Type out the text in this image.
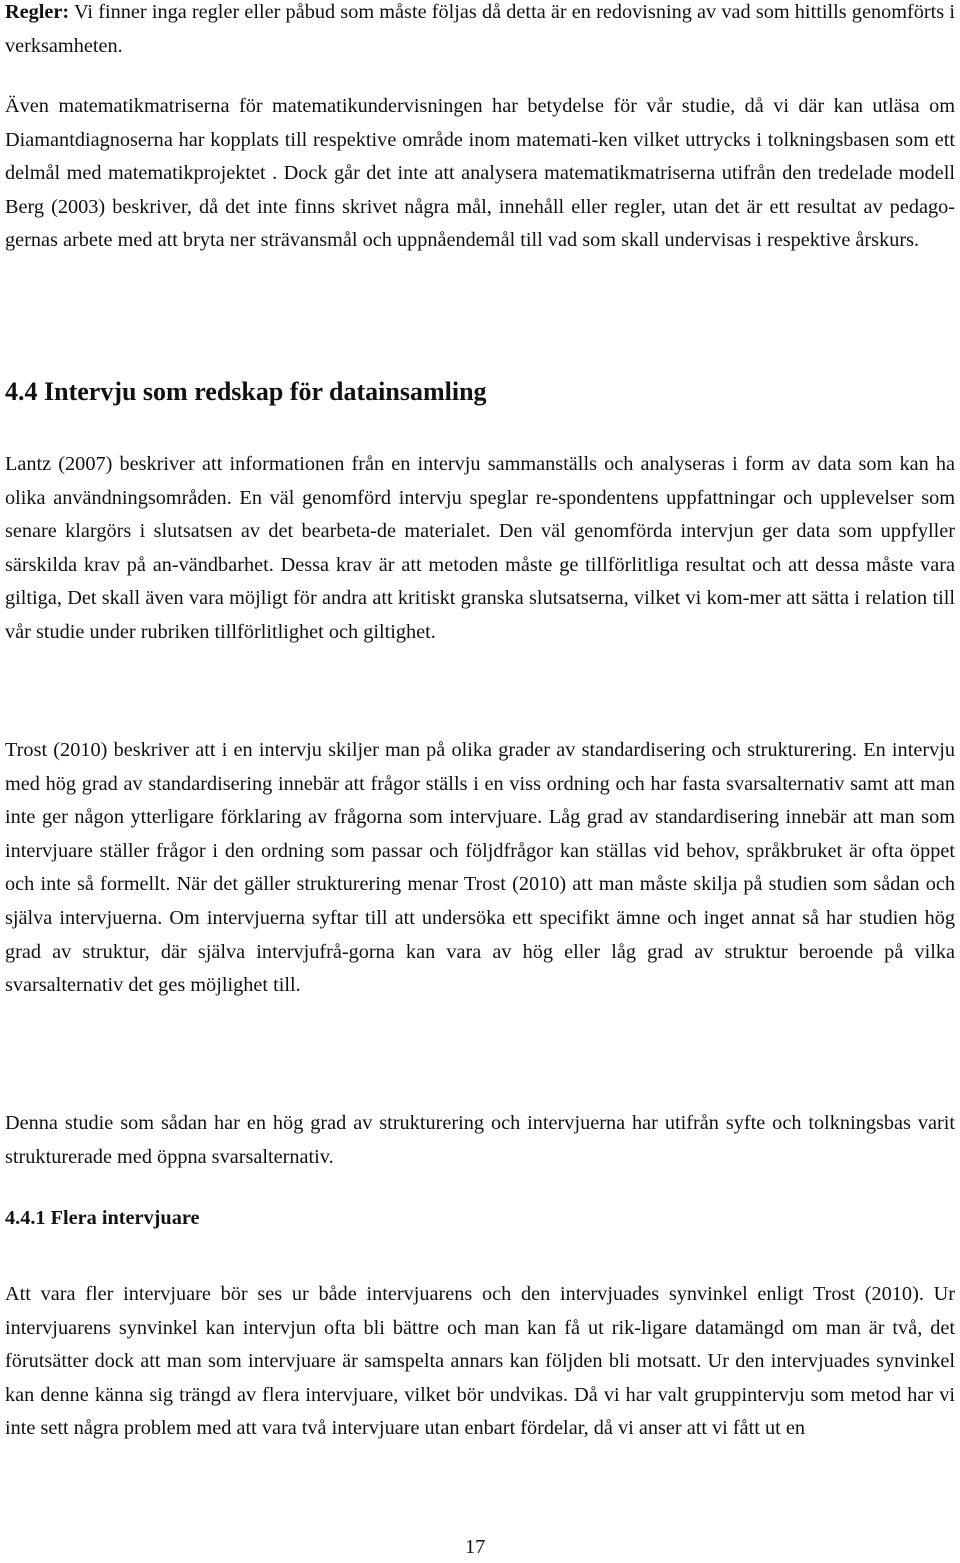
Regler: Vi finner inga regler eller påbud som måste följas då detta är en redovisning av vad som hittills genomförts i verksamheten.

Även matematikmatriserna för matematikundervisningen har betydelse för vår studie, då vi där kan utläsa om Diamantdiagnoserna har kopplats till respektive område inom matemati-ken vilket uttrycks i tolkningsbasen som ett delmål med matematikprojektet . Dock går det inte att analysera matematikmatriserna utifrån den tredelade modell Berg (2003) beskriver, då det inte finns skrivet några mål, innehåll eller regler, utan det är ett resultat av pedago-gernas arbete med att bryta ner strävansmål och uppnåendemål till vad som skall undervisas i respektive årskurs.

4.4 Intervju som redskap för datainsamling

Lantz (2007) beskriver att informationen från en intervju sammanställs och analyseras i form av data som kan ha olika användningsområden. En väl genomförd intervju speglar re-spondentens uppfattningar och upplevelser som senare klargörs i slutsatsen av det bearbeta-de materialet. Den väl genomförda intervjun ger data som uppfyller särskilda krav på an-vändbarhet. Dessa krav är att metoden måste ge tillförlitliga resultat och att dessa måste vara giltiga, Det skall även vara möjligt för andra att kritiskt granska slutsatserna, vilket vi kom-mer att sätta i relation till vår studie under rubriken tillförlitlighet och giltighet.

Trost (2010) beskriver att i en intervju skiljer man på olika grader av standardisering och strukturering. En intervju med hög grad av standardisering innebär att frågor ställs i en viss ordning och har fasta svarsalternativ samt att man inte ger någon ytterligare förklaring av frågorna som intervjuare. Låg grad av standardisering innebär att man som intervjuare ställer frågor i den ordning som passar och följdfrågor kan ställas vid behov, språkbruket är ofta öppet och inte så formellt. När det gäller strukturering menar Trost (2010) att man måste skilja på studien som sådan och själva intervjuerna. Om intervjuerna syftar till att undersöka ett specifikt ämne och inget annat så har studien hög grad av struktur, där själva intervjufrå-gorna kan vara av hög eller låg grad av struktur beroende på vilka svarsalternativ det ges möjlighet till.

Denna studie som sådan har en hög grad av strukturering och intervjuerna har utifrån syfte och tolkningsbas varit strukturerade med öppna svarsalternativ.

4.4.1 Flera intervjuare

Att vara fler intervjuare bör ses ur både intervjuarens och den intervjuades synvinkel enligt Trost (2010). Ur intervjuarens synvinkel kan intervjun ofta bli bättre och man kan få ut rik-ligare datamängd om man är två, det förutsätter dock att man som intervjuare är samspelta annars kan följden bli motsatt. Ur den intervjuades synvinkel kan denne känna sig trängd av flera intervjuare, vilket bör undvikas. Då vi har valt gruppintervju som metod har vi inte sett några problem med att vara två intervjuare utan enbart fördelar, då vi anser att vi fått ut en

17
